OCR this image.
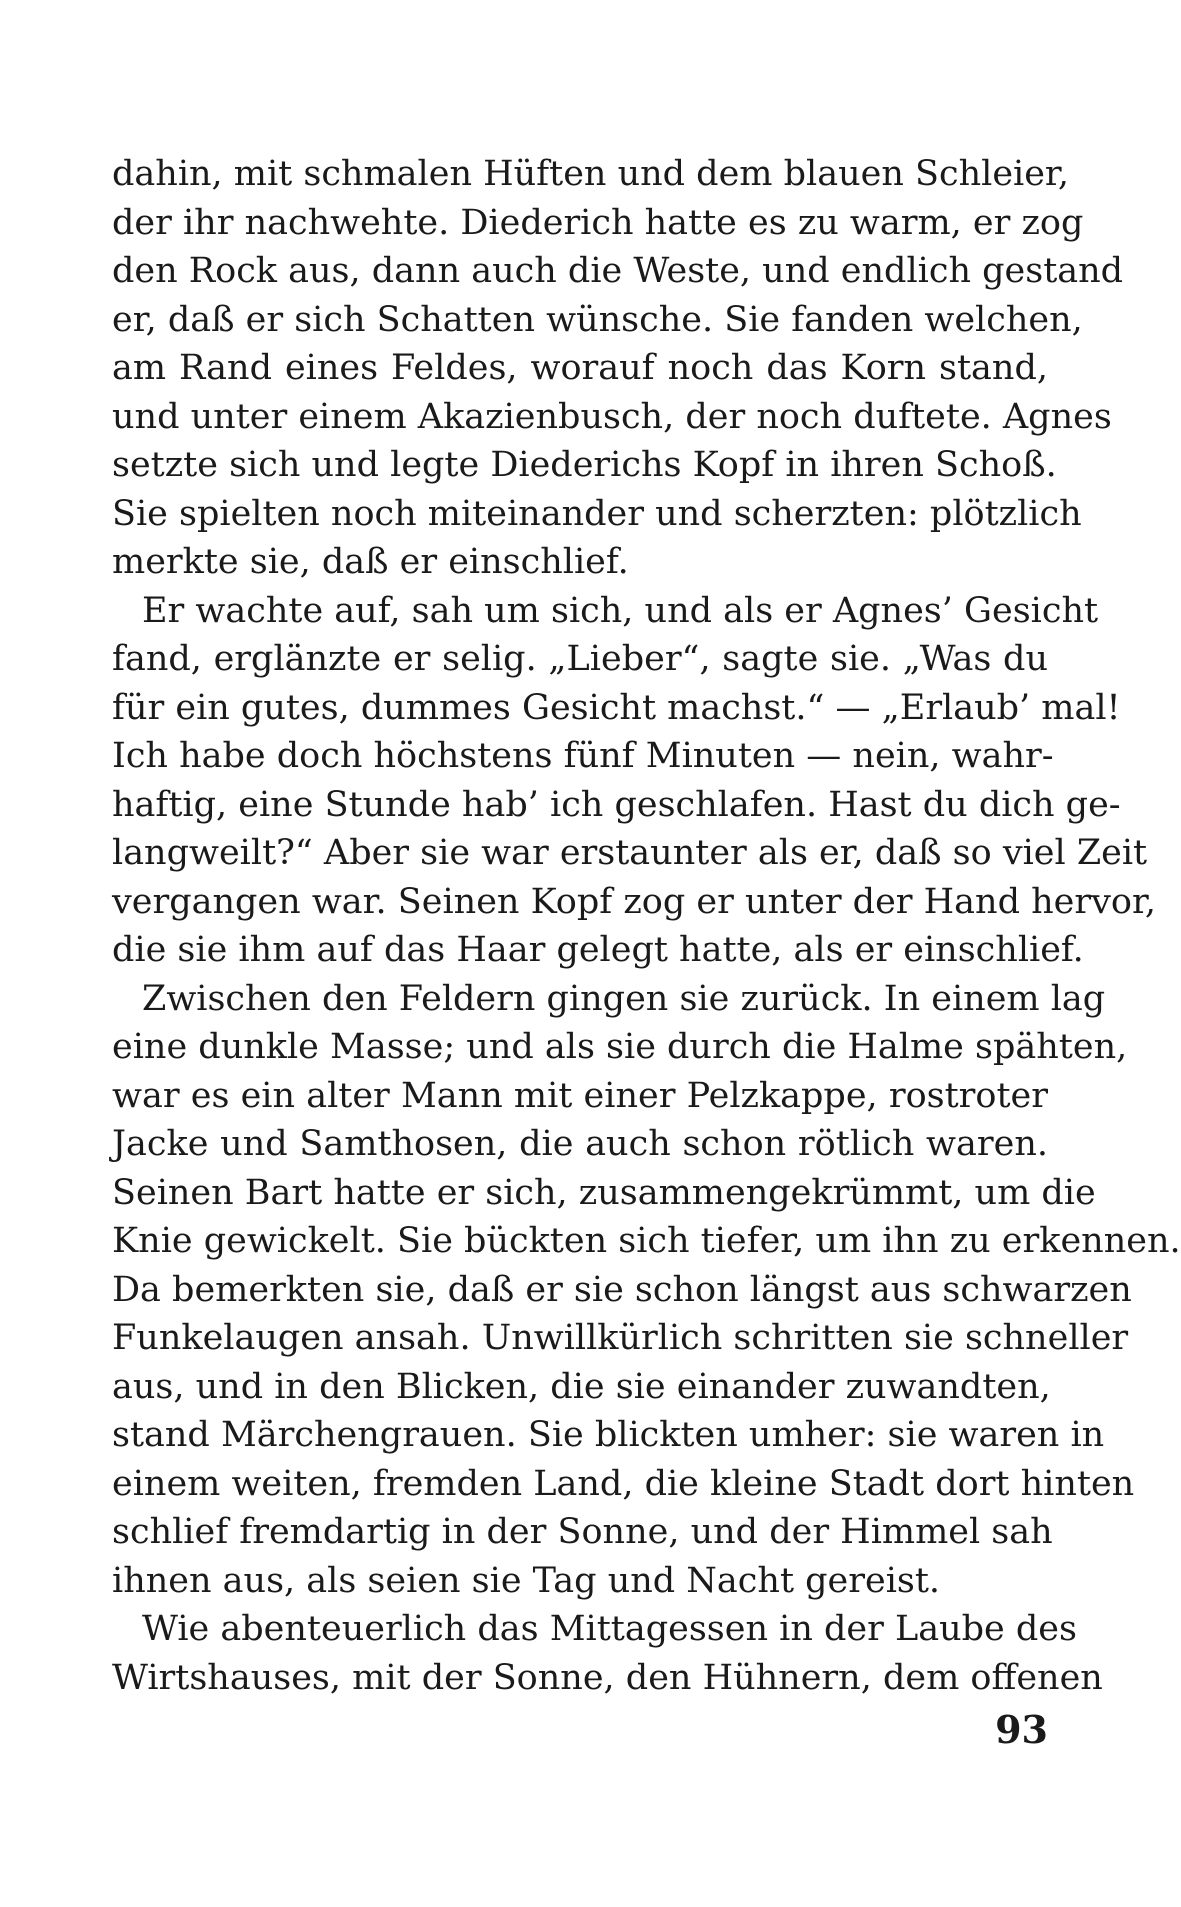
dahin, mit schmalen Hüften und dem blauen Schleier,
der ihr nachwehte. Diederich hatte es zu warm, er zog
den Rock aus, dann auch die Weste, und endlich gestand
er, daß er sich Schatten wünsche. Sie fanden welchen,
am Rand eines Feldes, worauf noch das Korn stand,
und unter einem Akazienbusch, der noch duftete. Agnes
setzte sich und legte Diederichs Kopf in ihren Schoß.
Sie spielten noch miteinander und scherzten: plötzlich
merkte sie, daß er einschlief.
Er wachte auf, sah um sich, und als er Agnes’ Gesicht
fand, erglänzte er selig. „Lieber“, sagte sie. „Was du
für ein gutes, dummes Gesicht machst.“ — „Erlaub’ mal!
Ich habe doch höchstens fünf Minuten — nein, wahr-
haftig, eine Stunde hab’ ich geschlafen. Hast du dich ge-
langweilt?“ Aber sie war erstaunter als er, daß so viel Zeit
vergangen war. Seinen Kopf zog er unter der Hand hervor,
die sie ihm auf das Haar gelegt hatte, als er einschlief.
Zwischen den Feldern gingen sie zurück. In einem lag
eine dunkle Masse; und als sie durch die Halme spähten,
war es ein alter Mann mit einer Pelzkappe, rostroter
Jacke und Samthosen, die auch schon rötlich waren.
Seinen Bart hatte er sich, zusammengekrümmt, um die
Knie gewickelt. Sie bückten sich tiefer, um ihn zu erkennen.
Da bemerkten sie, daß er sie schon längst aus schwarzen
Funkelaugen ansah. Unwillkürlich schritten sie schneller
aus, und in den Blicken, die sie einander zuwandten,
stand Märchengrauen. Sie blickten umher: sie waren in
einem weiten, fremden Land, die kleine Stadt dort hinten
schlief fremdartig in der Sonne, und der Himmel sah
ihnen aus, als seien sie Tag und Nacht gereist.
Wie abenteuerlich das Mittagessen in der Laube des
Wirtshauses, mit der Sonne, den Hühnern, dem offenen
93
